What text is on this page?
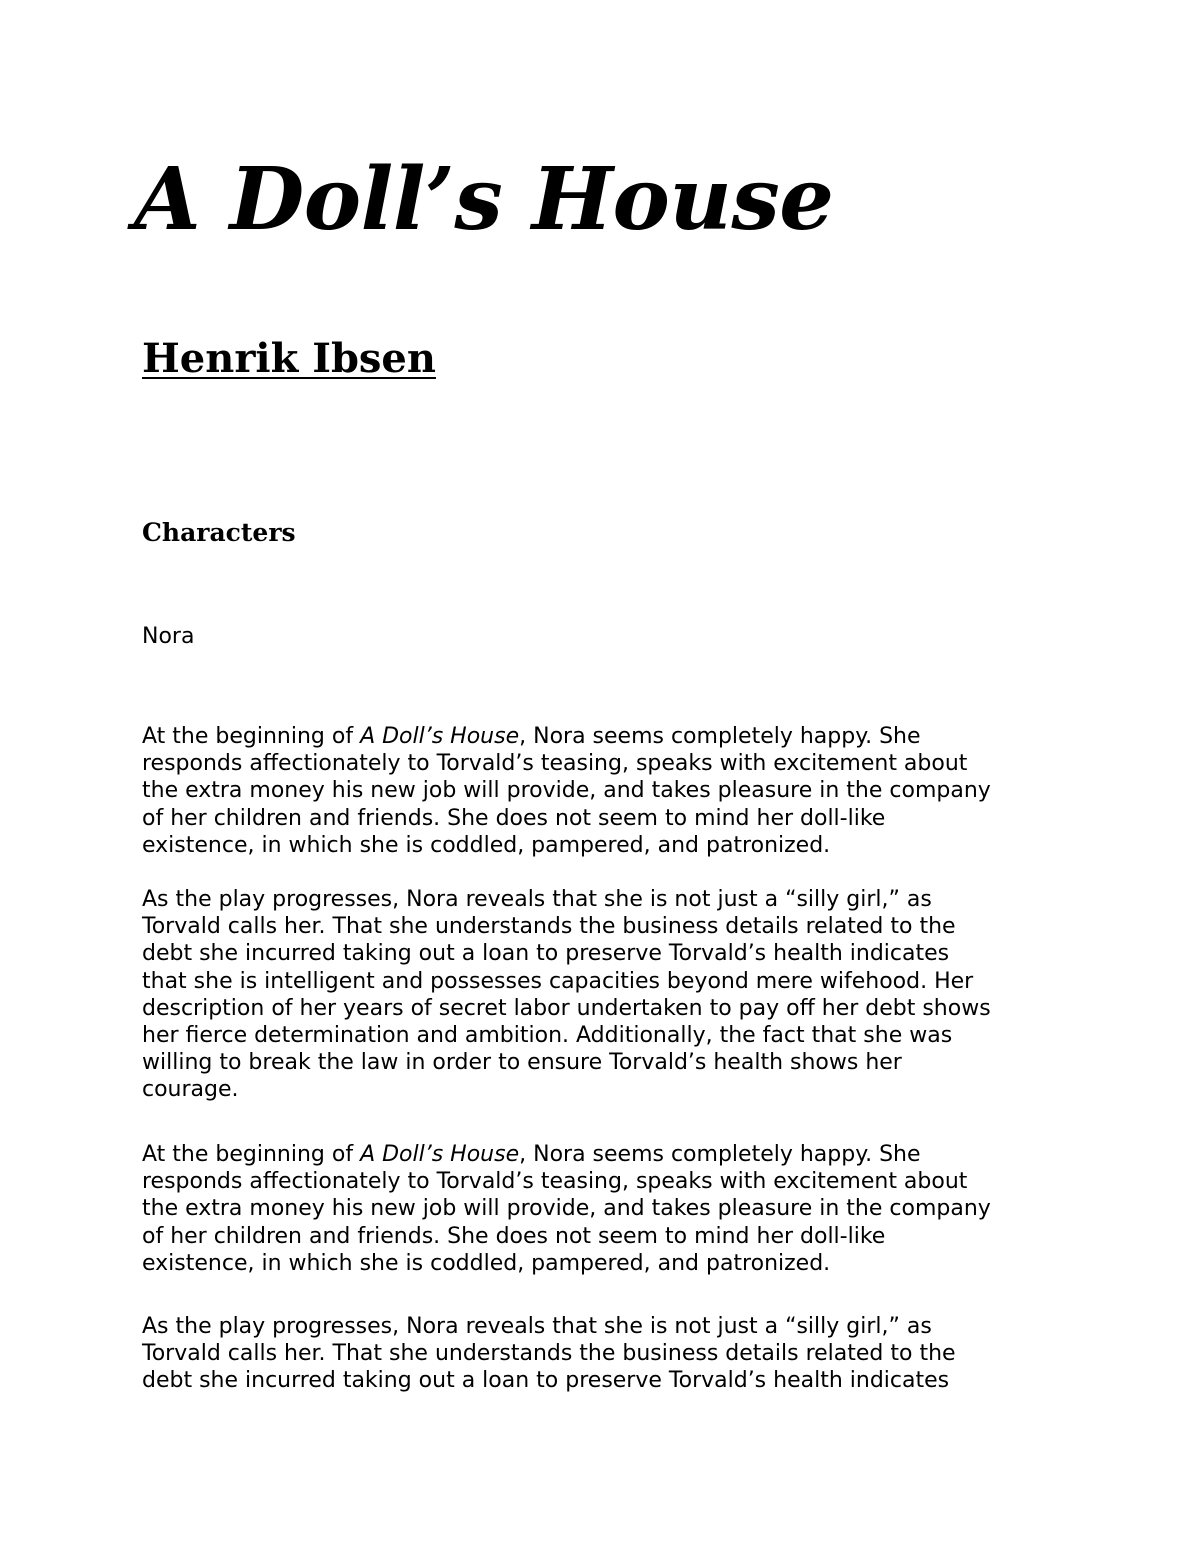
A Doll’s House
Henrik Ibsen
Characters
Nora

At the beginning of A Doll’s House, Nora seems completely happy. She
responds affectionately to Torvald’s teasing, speaks with excitement about
the extra money his new job will provide, and takes pleasure in the company
of her children and friends. She does not seem to mind her doll-like
existence, in which she is coddled, pampered, and patronized.

As the play progresses, Nora reveals that she is not just a “silly girl,” as
Torvald calls her. That she understands the business details related to the
debt she incurred taking out a loan to preserve Torvald’s health indicates
that she is intelligent and possesses capacities beyond mere wifehood. Her
description of her years of secret labor undertaken to pay off her debt shows
her fierce determination and ambition. Additionally, the fact that she was
willing to break the law in order to ensure Torvald’s health shows her
courage.

At the beginning of A Doll’s House, Nora seems completely happy. She
responds affectionately to Torvald’s teasing, speaks with excitement about
the extra money his new job will provide, and takes pleasure in the company
of her children and friends. She does not seem to mind her doll-like
existence, in which she is coddled, pampered, and patronized.

As the play progresses, Nora reveals that she is not just a “silly girl,” as
Torvald calls her. That she understands the business details related to the
debt she incurred taking out a loan to preserve Torvald’s health indicates
